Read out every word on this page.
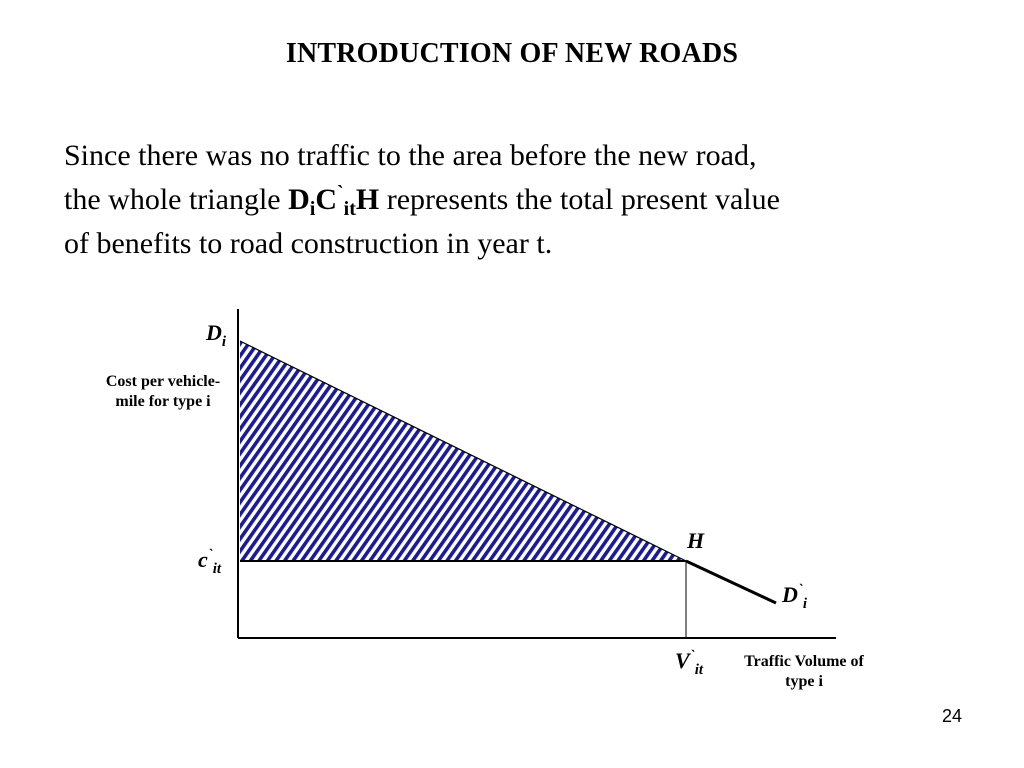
INTRODUCTION OF NEW ROADS
Since there was no traffic to the area before the new road,
the whole triangle $D_iC^`_{it}H$ represents the total present value
of benefits to road construction in year t.
$D_i$
Cost per vehicle-
mile for type i
$c^`_{it}$
H
$D^`_i$
$V^`_{it}$	Traffic Volume of
type i
24
